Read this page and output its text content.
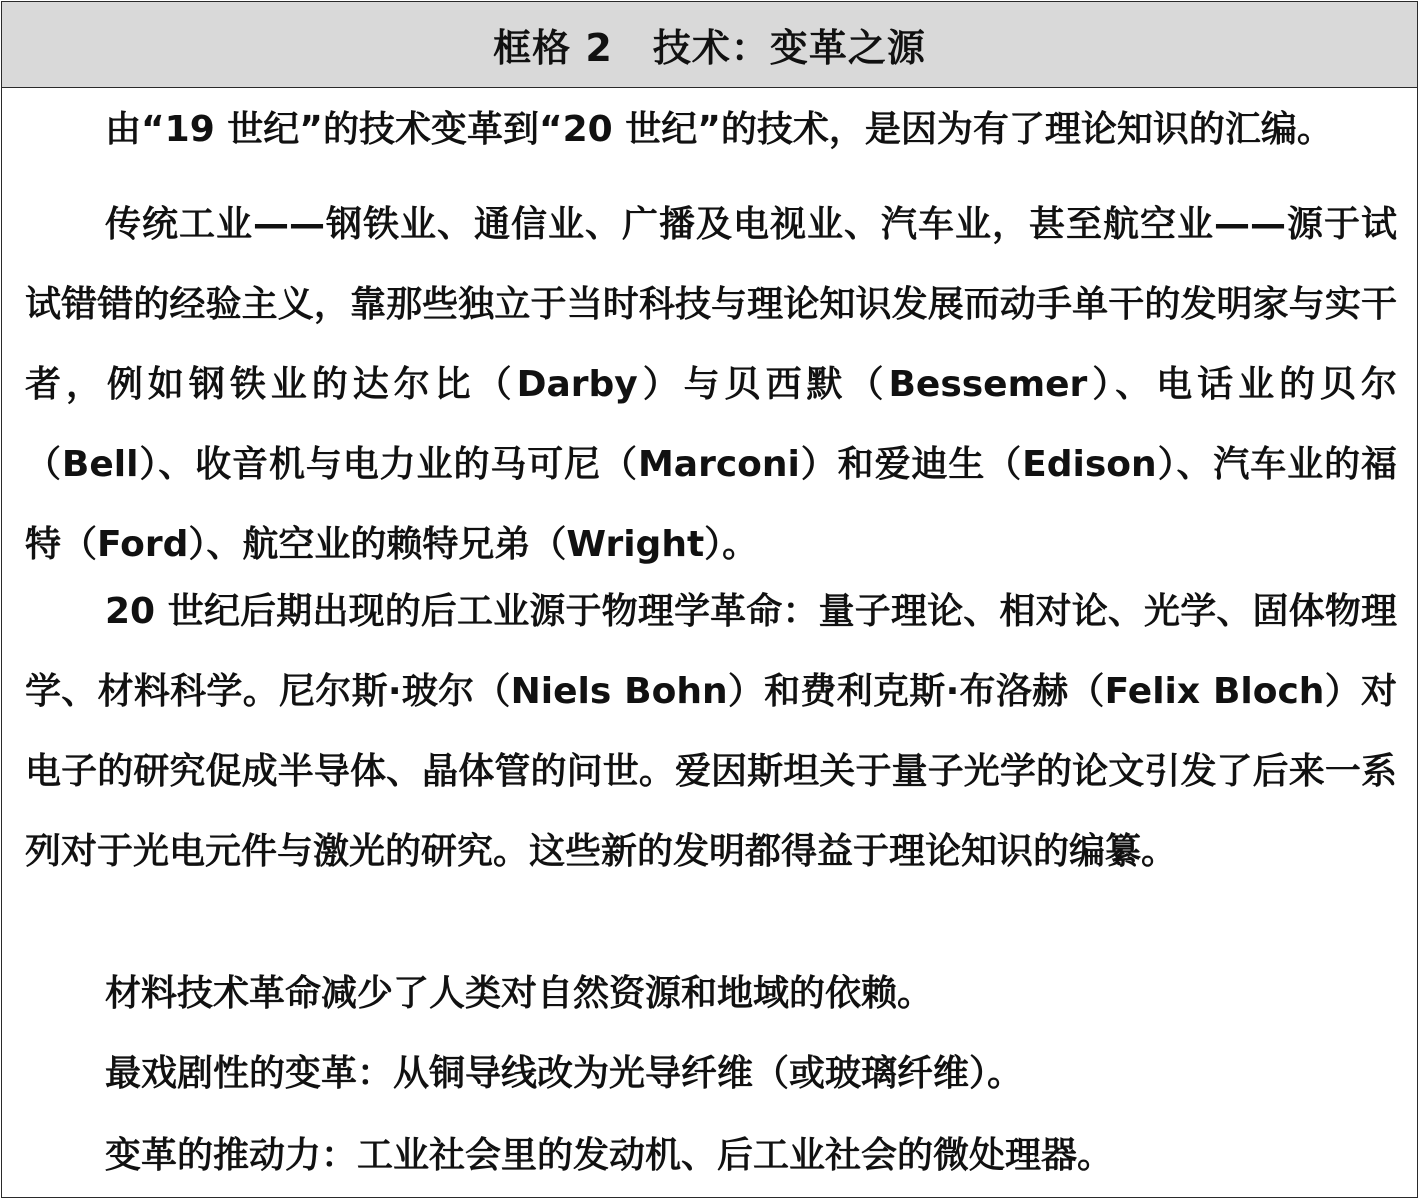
框格 2 技术：变革之源

由“19 世纪”的技术变革到“20 世纪”的技术，是因为有了理论知识的汇编。

传统工业——钢铁业、通信业、广播及电视业、汽车业，甚至航空业——源于试试错错的经验主义，靠那些独立于当时科技与理论知识发展而动手单干的发明家与实干者，例如钢铁业的达尔比（Darby）与贝西默（Bessemer）、电话业的贝尔（Bell）、收音机与电力业的马可尼（Marconi）和爱迪生（Edison）、汽车业的福特（Ford）、航空业的赖特兄弟（Wright）。

20 世纪后期出现的后工业源于物理学革命：量子理论、相对论、光学、固体物理学、材料科学。尼尔斯·玻尔（Niels Bohn）和费利克斯·布洛赫（Felix Bloch）对电子的研究促成半导体、晶体管的问世。爱因斯坦关于量子光学的论文引发了后来一系列对于光电元件与激光的研究。这些新的发明都得益于理论知识的编纂。

材料技术革命减少了人类对自然资源和地域的依赖。

最戏剧性的变革：从铜导线改为光导纤维（或玻璃纤维）。

变革的推动力：工业社会里的发动机、后工业社会的微处理器。
